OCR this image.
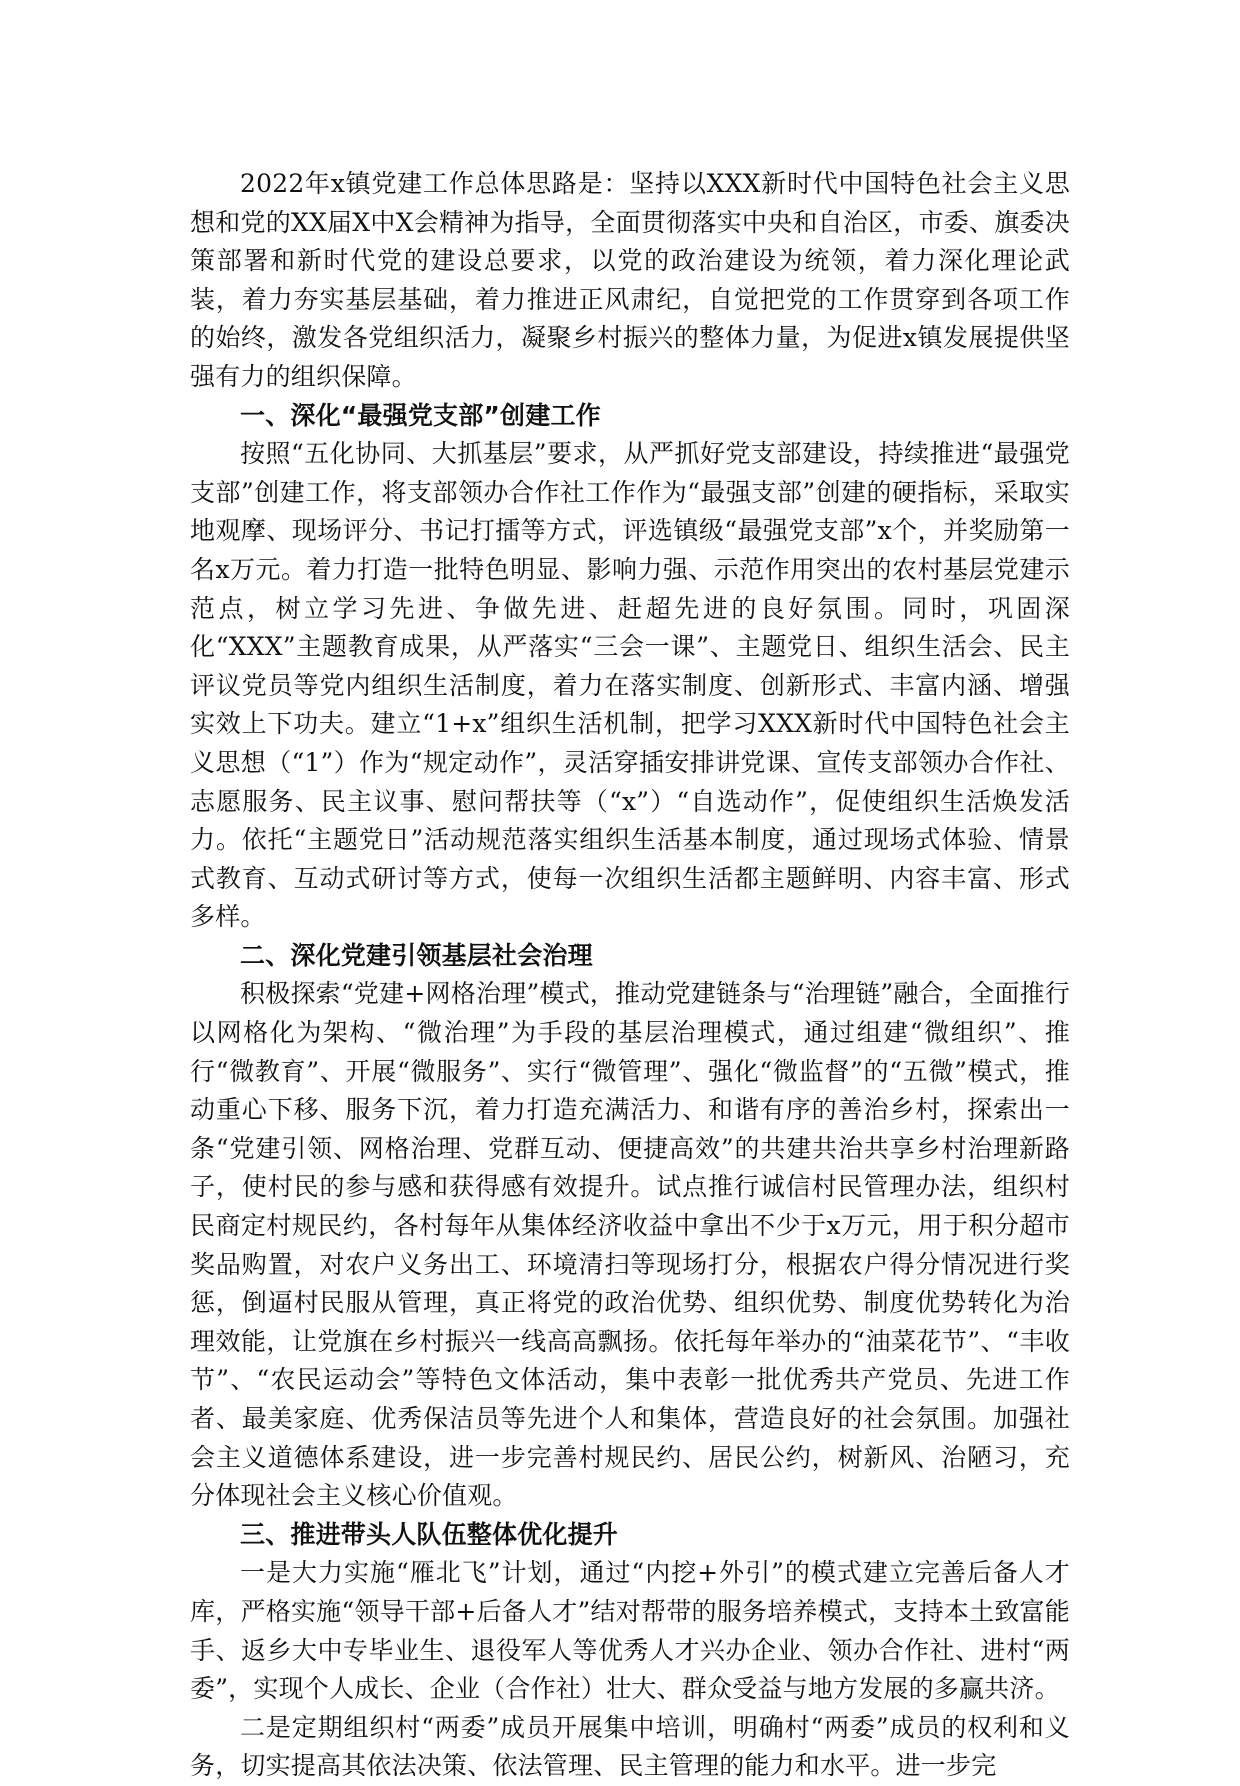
2022年x镇党建工作总体思路是：坚持以XXX新时代中国特色社会主义思想和党的XX届X中X会精神为指导，全面贯彻落实中央和自治区，市委、旗委决策部署和新时代党的建设总要求，以党的政治建设为统领，着力深化理论武装，着力夯实基层基础，着力推进正风肃纪，自觉把党的工作贯穿到各项工作的始终，激发各党组织活力，凝聚乡村振兴的整体力量，为促进x镇发展提供坚强有力的组织保障。

一、深化“最强党支部”创建工作

按照“五化协同、大抓基层”要求，从严抓好党支部建设，持续推进“最强党支部”创建工作，将支部领办合作社工作作为“最强支部”创建的硬指标，采取实地观摩、现场评分、书记打擂等方式，评选镇级“最强党支部”x个，并奖励第一名x万元。着力打造一批特色明显、影响力强、示范作用突出的农村基层党建示范点，树立学习先进、争做先进、赶超先进的良好氛围。同时，巩固深化“XXX”主题教育成果，从严落实“三会一课”、主题党日、组织生活会、民主评议党员等党内组织生活制度，着力在落实制度、创新形式、丰富内涵、增强实效上下功夫。建立“1+x”组织生活机制，把学习XXX新时代中国特色社会主义思想（“1”）作为“规定动作”，灵活穿插安排讲党课、宣传支部领办合作社、志愿服务、民主议事、慰问帮扶等（“x”）“自选动作”，促使组织生活焕发活力。依托“主题党日”活动规范落实组织生活基本制度，通过现场式体验、情景式教育、互动式研讨等方式，使每一次组织生活都主题鲜明、内容丰富、形式多样。

二、深化党建引领基层社会治理

积极探索“党建+网格治理”模式，推动党建链条与“治理链”融合，全面推行以网格化为架构、“微治理”为手段的基层治理模式，通过组建“微组织”、推行“微教育”、开展“微服务”、实行“微管理”、强化“微监督”的“五微”模式，推动重心下移、服务下沉，着力打造充满活力、和谐有序的善治乡村，探索出一条“党建引领、网格治理、党群互动、便捷高效”的共建共治共享乡村治理新路子，使村民的参与感和获得感有效提升。试点推行诚信村民管理办法，组织村民商定村规民约，各村每年从集体经济收益中拿出不少于x万元，用于积分超市奖品购置，对农户义务出工、环境清扫等现场打分，根据农户得分情况进行奖惩，倒逼村民服从管理，真正将党的政治优势、组织优势、制度优势转化为治理效能，让党旗在乡村振兴一线高高飘扬。依托每年举办的“油菜花节”、“丰收节”、“农民运动会”等特色文体活动，集中表彰一批优秀共产党员、先进工作者、最美家庭、优秀保洁员等先进个人和集体，营造良好的社会氛围。加强社会主义道德体系建设，进一步完善村规民约、居民公约，树新风、治陋习，充分体现社会主义核心价值观。

三、推进带头人队伍整体优化提升

一是大力实施“雁北飞”计划，通过“内挖+外引”的模式建立完善后备人才库，严格实施“领导干部+后备人才”结对帮带的服务培养模式，支持本土致富能手、返乡大中专毕业生、退役军人等优秀人才兴办企业、领办合作社、进村“两委”，实现个人成长、企业（合作社）壮大、群众受益与地方发展的多赢共济。

二是定期组织村“两委”成员开展集中培训，明确村“两委”成员的权利和义务，切实提高其依法决策、依法管理、民主管理的能力和水平。进一步完
